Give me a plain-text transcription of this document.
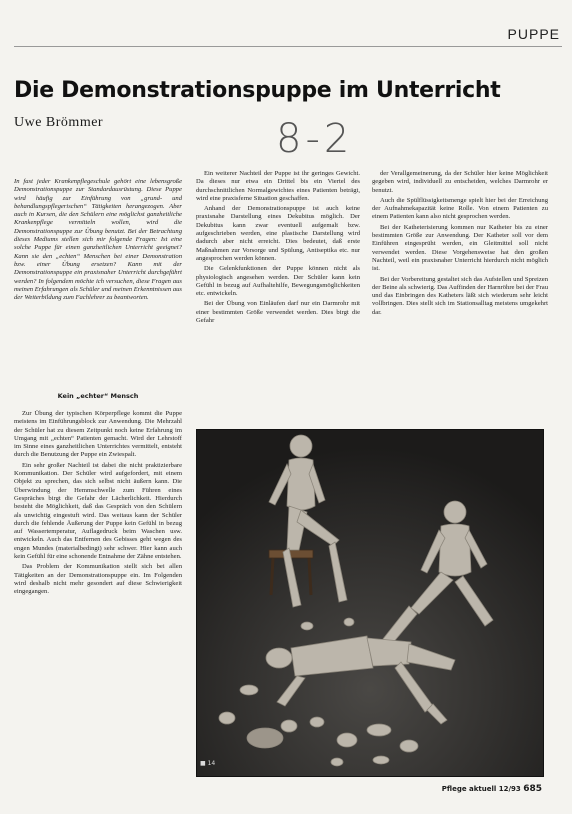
PUPPE
Die Demonstrationspuppe im Unterricht
Uwe Brömmer	8-2

In fast jeder Krankenpflegeschule gehört eine lebensgroße Demonstrationspuppe zur Standardausrüstung. Diese Puppe wird häufig zur Einführung von „grund- und behandlungspflegerischen“ Tätigkeiten herangezogen. Aber auch in Kursen, die den Schülern eine möglichst ganzheitliche Krankenpflege vermitteln wollen, wird die Demonstrationspuppe zur Übung benutzt. Bei der Betrachtung dieses Mediums stellen sich mir folgende Fragen: Ist eine solche Puppe für einen ganzheitlichen Unterricht geeignet? Kann sie den „echten“ Menschen bei einer Demonstration bzw. einer Übung ersetzen? Kann mit der Demonstrationspuppe ein praxisnaher Unterricht durchgeführt werden? In folgendem möchte ich versuchen, diese Fragen aus meinen Erfahrungen als Schüler und meinen Erkenntnissen aus der Weiterbildung zum Fachlehrer zu beantworten.

Kein „echter“ Mensch

Zur Übung der typischen Körperpflege kommt die Puppe meistens im Einführungsblock zur Anwendung. Die Mehrzahl der Schüler hat zu diesem Zeitpunkt noch keine Erfahrung im Umgang mit „echten“ Patienten gemacht. Wird der Lehrstoff im Sinne eines ganzheitlichen Unterrichtes vermittelt, entsteht durch die Benutzung der Puppe ein Zwiespalt.

Ein sehr großer Nachteil ist dabei die nicht praktizierbare Kommunikation. Der Schüler wird aufgefordert, mit einem Objekt zu sprechen, das sich selbst nicht äußern kann. Die Überwindung der Hemmschwelle zum Führen eines Gespräches birgt die Gefahr der Lächerlichkeit. Hierdurch besteht die Möglichkeit, daß das Gespräch von den Schülern als unwichtig eingestuft wird. Das weitaus kann der Schüler durch die fehlende Äußerung der Puppe kein Gefühl in bezug auf Wassertemperatur, Auflagedruck beim Waschen usw. entwickeln. Auch das Entfernen des Gebisses geht wegen des engen Mundes (materialbedingt) sehr schwer. Hier kann auch kein Gefühl für eine schonende Entnahme der Zähne entstehen.

Das Problem der Kommunikation stellt sich bei allen Tätigkeiten an der Demonstrationspuppe ein. Im Folgenden wird deshalb nicht mehr gesondert auf diese Schwierigkeit eingegangen.

Ein weiterer Nachteil der Puppe ist ihr geringes Gewicht. Da dieses nur etwa ein Drittel bis ein Viertel des durchschnittlichen Normalgewichtes eines Patienten beträgt, wird eine praxisferne Situation geschaffen.

Anhand der Demonstrationspuppe ist auch keine praxisnahe Darstellung eines Dekubitus möglich. Der Dekubitus kann zwar eventuell aufgemalt bzw. aufgeschrieben werden, eine plastische Darstellung wird dadurch aber nicht erreicht. Dies bedeutet, daß erste Maßnahmen zur Vorsorge und Spülung, Antiseptika etc. nur angesprochen werden können.

Die Gelenkfunktionen der Puppe können nicht als physiologisch angesehen werden. Der Schüler kann kein Gefühl in bezug auf Aufhaltehilfe, Bewegungsmöglichkeiten etc. entwickeln.

Bei der Übung von Einläufen darf nur ein Darmrohr mit einer bestimmten Größe verwendet werden. Dies birgt die Gefahr

der Verallgemeinerung, da der Schüler hier keine Möglichkeit gegeben wird, individuell zu entscheiden, welches Darmrohr er benutzt.

Auch die Spülflüssigkeitsmenge spielt hier bei der Erreichung der Aufnahmekapazität keine Rolle. Von einem Patienten zu einem Patienten kann also nicht gesprochen werden.

Bei der Katheterisierung kommen nur Katheter bis zu einer bestimmten Größe zur Anwendung. Der Katheter soll vor dem Einführen eingesprüht werden, ein Gleitmittel soll nicht verwendet werden. Diese Vorgehensweise hat den großen Nachteil, weil ein praxisnaher Unterricht hierdurch nicht möglich ist.

Bei der Vorbereitung gestaltet sich das Aufstellen und Spreizen der Beine als schwierig. Das Auffinden der Harnröhre bei der Frau und das Einbringen des Katheters läßt sich wiederum sehr leicht vollbringen. Dies stellt sich im Stationsalltag meistens umgekehrt dar.

■ 14
Pflege aktuell 12/93 685
